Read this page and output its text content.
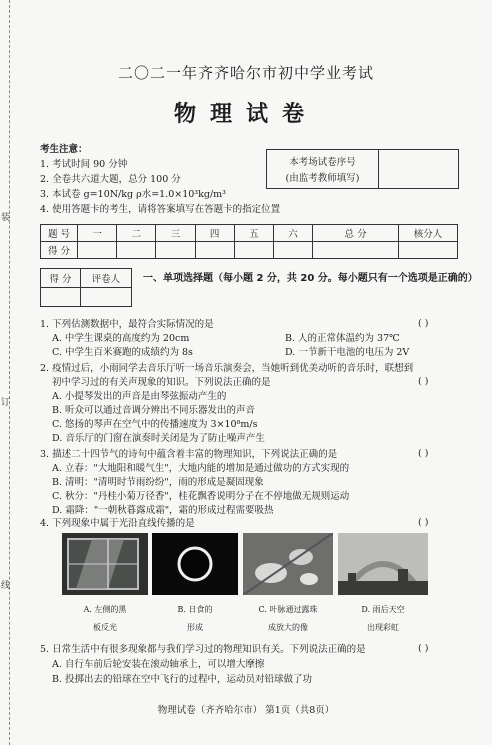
装
订
线
二〇二一年齐齐哈尔市初中学业考试
物理试卷
考生注意：
1. 考试时间 90 分钟
2. 全卷共六道大题，总分 100 分
3. 本试卷 g=10N/kg ρ水=1.0×10³kg/m³
4. 使用答题卡的考生，请将答案填写在答题卡的指定位置
本考场试卷序号
(由监考教师填写)
题 号	一	二	三	四	五	六	总 分	核分人
得 分								
得 分	评卷人
	一、单项选择题（每小题 2 分，共 20 分。每小题只有一个选项是正确的）
1. 下列估测数据中，最符合实际情况的是	( )
A. 中学生课桌的高度约为 20cm	B. 人的正常体温约为 37℃
C. 中学生百米赛跑的成绩约为 8s	D. 一节新干电池的电压为 2V
2. 疫情过后，小雨同学去音乐厅听一场音乐演奏会，当她听到优美动听的音乐时，联想到
( )
初中学习过的有关声现象的知识。下列说法正确的是
A. 小提琴发出的声音是由琴弦振动产生的
B. 听众可以通过音调分辨出不同乐器发出的声音
C. 悠扬的琴声在空气中的传播速度为 3×10⁸m/s
D. 音乐厅的门窗在演奏时关闭是为了防止噪声产生
3. 描述二十四节气的诗句中蕴含着丰富的物理知识，下列说法正确的是	( )
A. 立春："大地阳和暖气生"，大地内能的增加是通过做功的方式实现的
B. 清明："清明时节雨纷纷"，雨的形成是凝固现象
C. 秋分："丹桂小菊万径香"，桂花飘香说明分子在不停地做无规则运动
D. 霜降："一朝秋暮露成霜"，霜的形成过程需要吸热
4. 下列现象中属于光沿直线传播的是	( )
A. 左侧的黑
板反光
B. 日食的
形成
C. 叶脉通过露珠
成放大的像
D. 雨后天空
出现彩虹
5. 日常生活中有很多现象都与我们学习过的物理知识有关。下列说法正确的是	( )
A. 自行车前后轮安装在滚动轴承上，可以增大摩擦
B. 投掷出去的铅球在空中飞行的过程中，运动员对铅球做了功
物理试卷（齐齐哈尔市） 第1页（共8页）
